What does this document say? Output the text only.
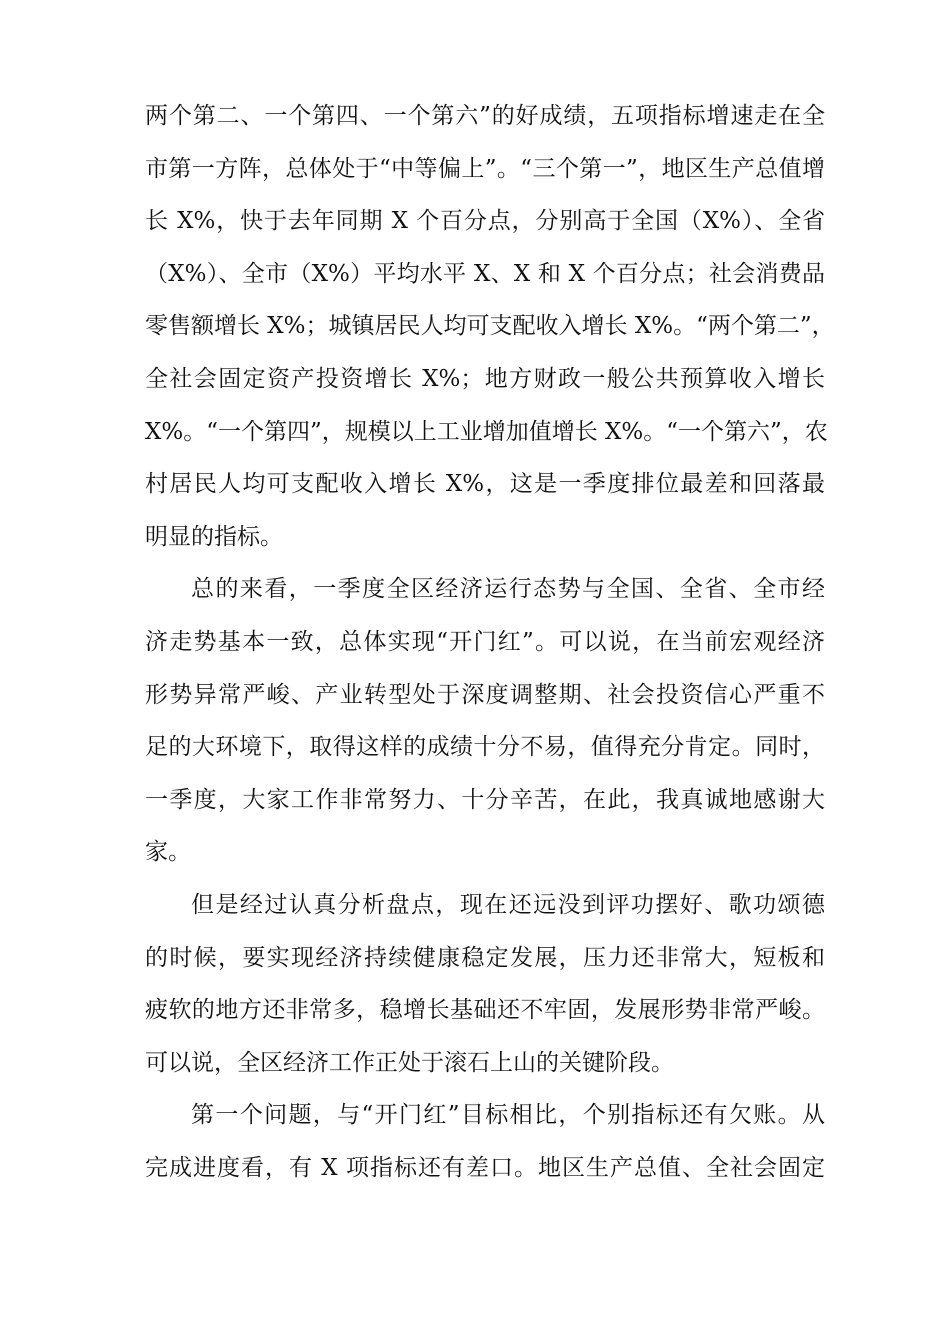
两个第二、一个第四、一个第六”的好成绩，五项指标增速走在全
市第一方阵，总体处于“中等偏上”。“三个第一”，地区生产总值增
长 X%，快于去年同期 X 个百分点，分别高于全国（X%）、全省
（X%）、全市（X%）平均水平 X、X 和 X 个百分点；社会消费品
零售额增长 X%；城镇居民人均可支配收入增长 X%。“两个第二”，
全社会固定资产投资增长 X%；地方财政一般公共预算收入增长
X%。“一个第四”，规模以上工业增加值增长 X%。“一个第六”，农
村居民人均可支配收入增长 X%，这是一季度排位最差和回落最
明显的指标。
总的来看，一季度全区经济运行态势与全国、全省、全市经
济走势基本一致，总体实现“开门红”。可以说，在当前宏观经济
形势异常严峻、产业转型处于深度调整期、社会投资信心严重不
足的大环境下，取得这样的成绩十分不易，值得充分肯定。同时，
一季度，大家工作非常努力、十分辛苦，在此，我真诚地感谢大
家。
但是经过认真分析盘点，现在还远没到评功摆好、歌功颂德
的时候，要实现经济持续健康稳定发展，压力还非常大，短板和
疲软的地方还非常多，稳增长基础还不牢固，发展形势非常严峻。
可以说，全区经济工作正处于滚石上山的关键阶段。
第一个问题，与“开门红”目标相比，个别指标还有欠账。从
完成进度看，有 X 项指标还有差口。地区生产总值、全社会固定
